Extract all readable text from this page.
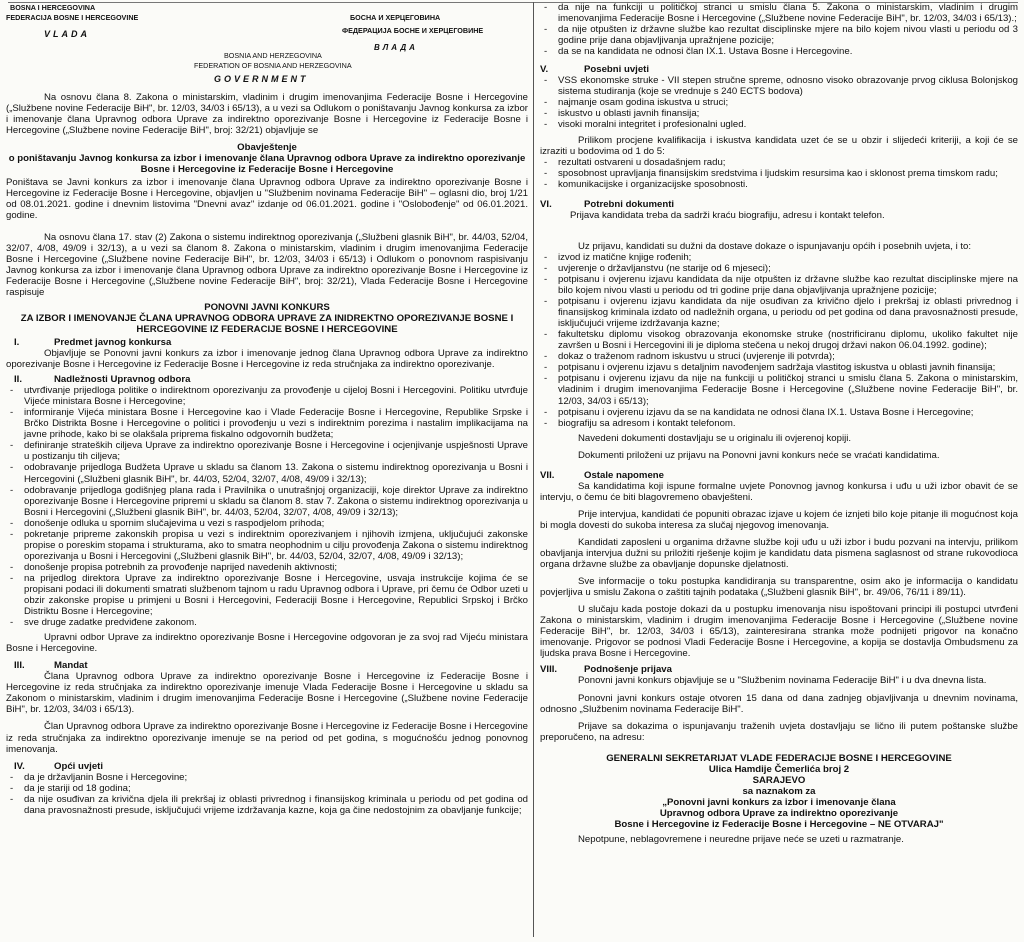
BOSNA I HERCEGOVINA
FEDERACIJA BOSNE I HERCEGOVINE
VLADA
БОСНА И ХЕРЦЕГОВИНА
ФЕДЕРАЦИЈА БОСНЕ И ХЕРЦЕГОВИНЕ
ВЛАДА
BOSNIA AND HERZEGOVINA
FEDERATION OF BOSNIA AND HERZEGOVINA
GOVERNMENT

Na osnovu člana 8. Zakona o ministarskim, vladinim i drugim imenovanjima Federacije Bosne i Hercegovine („Službene novine Federacije BiH", br. 12/03, 34/03 i 65/13), a u vezi sa Odlukom o poništavanju Javnog konkursa za izbor i imenovanje člana Upravnog odbora Uprave za indirektno oporezivanje Bosne i Hercegovine iz Federacije Bosne i Hercegovine („Službene novine Federacije BiH", broj: 32/21) objavljuje se

Obavještenje

o poništavanju Javnog konkursa za izbor i imenovanje člana Upravnog odbora Uprave za indirektno oporezivanje Bosne i Hercegovine iz Federacije Bosne i Hercegovine

Poništava se Javni konkurs za izbor i imenovanje člana Upravnog odbora Uprave za indirektno oporezivanje Bosne i Hercegovine iz Federacije Bosne i Hercegovine, objavljen u "Službenim novinama Federacije BiH" – oglasni dio, broj 1/21 od 08.01.2021. godine i dnevnim listovima "Dnevni avaz" izdanje od 06.01.2021. godine i "Oslobođenje" od 06.01.2021. godine.

Na osnovu člana 17. stav (2) Zakona o sistemu indirektnog oporezivanja („Službeni glasnik BiH", br. 44/03, 52/04, 32/07, 4/08, 49/09 i 32/13), a u vezi sa članom 8. Zakona o ministarskim, vladinim i drugim imenovanjima Federacije Bosne i Hercegovine („Službene novine Federacije BiH", br. 12/03, 34/03 i 65/13) i Odlukom o ponovnom raspisivanju Javnog konkursa za izbor i imenovanje člana Upravnog odbora Uprave za indirektno oporezivanje Bosne i Hercegovine iz Federacije Bosne i Hercegovine („Službene novine Federacije BiH", broj: 32/21), Vlada Federacije Bosne i Hercegovine raspisuje

PONOVNI JAVNI KONKURS

ZA IZBOR I IMENOVANJE ČLANA UPRAVNOG ODBORA UPRAVE ZA INIDREKTNO OPOREZIVANJE BOSNE I HERCEGOVINE IZ FEDERACIJE BOSNE I HERCEGOVINE

I.	Predmet javnog konkursa

Objavljuje se Ponovni javni konkurs za izbor i imenovanje jednog člana Upravnog odbora Uprave za indirektno oporezivanje Bosne i Hercegovine iz Federacije Bosne i Hercegovine iz reda stručnjaka za indirektno oporezivanje.

II.	Nadležnosti Upravnog odbora
-	utvrđivanje prijedloga politike o indirektnom oporezivanju za provođenje u cijeloj Bosni i Hercegovini. Politiku utvrđuje Vijeće ministara Bosne i Hercegovine;
-	informiranje Vijeća ministara Bosne i Hercegovine kao i Vlade Federacije Bosne i Hercegovine, Republike Srpske i Brčko Distrikta Bosne i Hercegovine o politici i provođenju u vezi s indirektnim porezima i nastalim implikacijama na javne prihode, kako bi se olakšala priprema fiskalno odgovornih budžeta;
-	definiranje strateških ciljeva Uprave za indirektno oporezivanje Bosne i Hercegovine i ocjenjivanje uspješnosti Uprave u postizanju tih ciljeva;
-	odobravanje prijedloga Budžeta Uprave u skladu sa članom 13. Zakona o sistemu indirektnog oporezivanja u Bosni i Hercegovini („Službeni glasnik BiH", br. 44/03, 52/04, 32/07, 4/08, 49/09 i 32/13);
-	odobravanje prijedloga godišnjeg plana rada i Pravilnika o unutrašnjoj organizaciji, koje direktor Uprave za indirektno oporezivanje Bosne i Hercegovine pripremi u skladu sa članom 8. stav 7. Zakona o sistemu indirektnog oporezivanja u Bosni i Hercegovini („Službeni glasnik BiH", br. 44/03, 52/04, 32/07, 4/08, 49/09 i 32/13);
-	donošenje odluka u spornim slučajevima u vezi s raspodjelom prihoda;
-	pokretanje pripreme zakonskih propisa u vezi s indirektnim oporezivanjem i njihovih izmjena, uključujući zakonske propise o poreskim stopama i strukturama, ako to smatra neophodnim u cilju provođenja Zakona o sistemu indirektnog oporezivanja u Bosni i Hercegovini („Službeni glasnik BiH", br. 44/03, 52/04, 32/07, 4/08, 49/09 i 32/13);
-	donošenje propisa potrebnih za provođenje naprijed navedenih aktivnosti;
-	na prijedlog direktora Uprave za indirektno oporezivanje Bosne i Hercegovine, usvaja instrukcije kojima će se propisani podaci ili dokumenti smatrati službenom tajnom u radu Upravnog odbora i Uprave, pri čemu će Odbor uzeti u obzir zakonske propise u primjeni u Bosni i Hercegovini, Federaciji Bosne i Hercegovine, Republici Srpskoj i Brčko Distriktu Bosne i Hercegovine;
-	sve druge zadatke predviđene zakonom.

Upravni odbor Uprave za indirektno oporezivanje Bosne i Hercegovine odgovoran je za svoj rad Vijeću ministara Bosne i Hercegovine.

III.	Mandat

Člana Upravnog odbora Uprave za indirektno oporezivanje Bosne i Hercegovine iz Federacije Bosne i Hercegovine iz reda stručnjaka za indirektno oporezivanje imenuje Vlada Federacije Bosne i Hercegovine u skladu sa Zakonom o ministarskim, vladinim i drugim imenovanjima Federacije Bosne i Hercegovine („Službene novine Federacije BiH", br. 12/03, 34/03 i 65/13).

Član Upravnog odbora Uprave za indirektno oporezivanje Bosne i Hercegovine iz Federacije Bosne i Hercegovine iz reda stručnjaka za indirektno oporezivanje imenuje se na period od pet godina, s mogućnošću jednog ponovnog imenovanja.

IV.	Opći uvjeti
-	da je državljanin Bosne i Hercegovine;
-	da je stariji od 18 godina;
-	da nije osuđivan za krivična djela ili prekršaj iz oblasti privrednog i finansijskog kriminala u periodu od pet godina od dana pravosnažnosti presude, isključujući vrijeme izdržavanja kazne, koja ga čine nedostojnim za obavljanje funkcije;
-	da nije na funkciji u političkoj stranci u smislu člana 5. Zakona o ministarskim, vladinim i drugim imenovanjima Federacije Bosne i Hercegovine („Službene novine Federacije BiH", br. 12/03, 34/03 i 65/13).;
-	da nije otpušten iz državne službe kao rezultat disciplinske mjere na bilo kojem nivou vlasti u periodu od 3 godine prije dana objavljivanja upražnjene pozicije;
-	da se na kandidata ne odnosi član IX.1. Ustava Bosne i Hercegovine.
V.	Posebni uvjeti
-	VSS ekonomske struke - VII stepen stručne spreme, odnosno visoko obrazovanje prvog ciklusa Bolonjskog sistema studiranja (koje se vrednuje s 240 ECTS bodova)
-	najmanje osam godina iskustva u struci;
-	iskustvo u oblasti javnih finansija;
-	visoki moralni integritet i profesionalni ugled.

Prilikom procjene kvalifikacija i iskustva kandidata uzet će se u obzir i slijedeći kriteriji, a koji će se izraziti u bodovima od 1 do 5:

-	rezultati ostvareni u dosadašnjem radu;
-	sposobnost upravljanja finansijskim sredstvima i ljudskim resursima kao i sklonost prema timskom radu;
-	komunikacijske i organizacijske sposobnosti.
VI.	Potrebni dokumenti

Prijava kandidata treba da sadrži kraću biografiju, adresu i kontakt telefon.

Uz prijavu, kandidati su dužni da dostave dokaze o ispunjavanju općih i posebnih uvjeta, i to:

-	izvod iz matične knjige rođenih;
-	uvjerenje o državljanstvu (ne starije od 6 mjeseci);
-	potpisanu i ovjerenu izjavu kandidata da nije otpušten iz državne službe kao rezultat disciplinske mjere na bilo kojem nivou vlasti u periodu od tri godine prije dana objavljivanja upražnjene pozicije;
-	potpisanu i ovjerenu izjavu kandidata da nije osuđivan za krivično djelo i prekršaj iz oblasti privrednog i finansijskog kriminala izdato od nadležnih organa, u periodu od pet godina od dana pravosnažnosti presude, isključujući vrijeme izdržavanja kazne;
-	fakultetsku diplomu visokog obrazovanja ekonomske struke (nostrificiranu diplomu, ukoliko fakultet nije završen u Bosni i Hercegovini ili je diploma stečena u nekoj drugoj državi nakon 06.04.1992. godine);
-	dokaz o traženom radnom iskustvu u struci (uvjerenje ili potvrda);
-	potpisanu i ovjerenu izjavu s detaljnim navođenjem sadržaja vlastitog iskustva u oblasti javnih finansija;
-	potpisanu i ovjerenu izjavu da nije na funkciji u političkoj stranci u smislu člana 5. Zakona o ministarskim, vladinim i drugim imenovanjima Federacije Bosne i Hercegovine („Službene novine Federacije BiH", br. 12/03, 34/03 i 65/13);
-	potpisanu i ovjerenu izjavu da se na kandidata ne odnosi člana IX.1. Ustava Bosne i Hercegovine;
-	biografiju sa adresom i kontakt telefonom.

Navedeni dokumenti dostavljaju se u originalu ili ovjerenoj kopiji.

Dokumenti priloženi uz prijavu na Ponovni javni konkurs neće se vraćati kandidatima.

VII.	Ostale napomene

Sa kandidatima koji ispune formalne uvjete Ponovnog javnog konkursa i uđu u uži izbor obavit će se intervju, o čemu će biti blagovremeno obavješteni.

Prije intervjua, kandidati će popuniti obrazac izjave u kojem će iznjeti bilo koje pitanje ili mogućnost koja bi mogla dovesti do sukoba interesa za slučaj njegovog imenovanja.

Kandidati zaposleni u organima državne službe koji uđu u uži izbor i budu pozvani na intervju, prilikom obavljanja intervjua dužni su priložiti rješenje kojim je kandidatu data pismena saglasnost od strane rukovodioca organa državne službe za obavljanje dopunske djelatnosti.

Sve informacije o toku postupka kandidiranja su transparentne, osim ako je informacija o kandidatu povjerljiva u smislu Zakona o zaštiti tajnih podataka („Službeni glasnik BiH", br. 49/06, 76/11 i 89/11).

U slučaju kada postoje dokazi da u postupku imenovanja nisu ispoštovani principi ili postupci utvrđeni Zakona o ministarskim, vladinim i drugim imenovanjima Federacije Bosne i Hercegovine („Službene novine Federacije BiH", br. 12/03, 34/03 i 65/13), zainteresirana stranka može podnijeti prigovor na konačno imenovanje. Prigovor se podnosi Vladi Federacije Bosne i Hercegovine, a kopija se dostavlja Ombudsmenu za ljudska prava Bosne i Hercegovine.

VIII.	Podnošenje prijava

Ponovni javni konkurs objavljuje se u "Službenim novinama Federacije BiH" i u dva dnevna lista.

Ponovni javni konkurs ostaje otvoren 15 dana od dana zadnjeg objavljivanja u dnevnim novinama, odnosno „Službenim novinama Federacije BiH".

Prijave sa dokazima o ispunjavanju traženih uvjeta dostavljaju se lično ili putem poštanske službe preporučeno, na adresu:

GENERALNI SEKRETARIJAT VLADE FEDERACIJE BOSNE I HERCEGOVINE

Ulica Hamdije Čemerlića broj 2

SARAJEVO

sa naznakom za

„Ponovni javni konkurs za izbor i imenovanje člana

Upravnog odbora Uprave za indirektno oporezivanje

Bosne i Hercegovine iz Federacije Bosne i Hercegovine – NE OTVARAJ"

Nepotpune, neblagovremene i neuredne prijave neće se uzeti u razmatranje.
